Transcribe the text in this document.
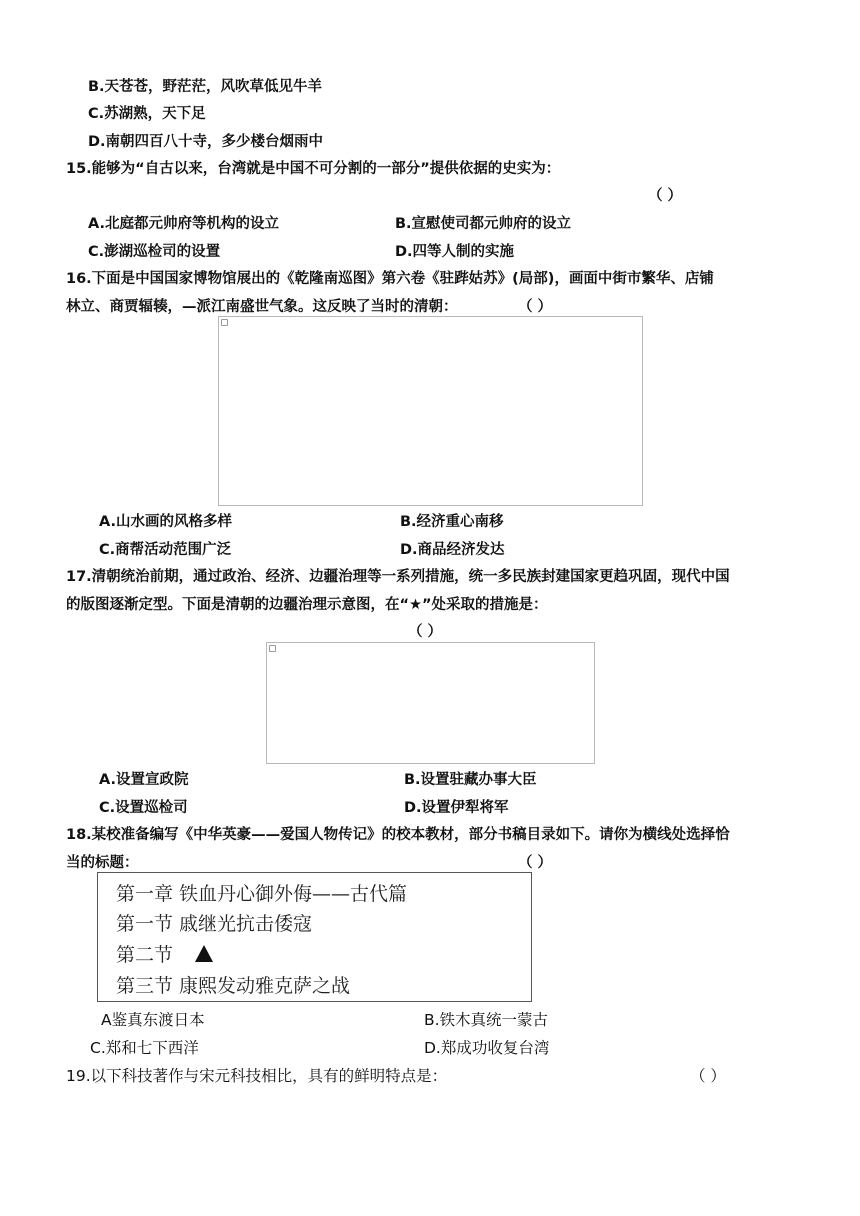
B.天苍苍，野茫茫，风吹草低见牛羊
C.苏湖熟，天下足
D.南朝四百八十寺，多少楼台烟雨中
15.能够为“自古以来，台湾就是中国不可分割的一部分”提供依据的史实为：
（ ）
A.北庭都元帅府等机构的设立	B.宣慰使司都元帅府的设立
C.澎湖巡检司的设置	D.四等人制的实施
16.下面是中国国家博物馆展出的《乾隆南巡图》第六卷《驻跸姑苏》(局部)，画面中街市繁华、店铺
林立、商贾辐辏，—派江南盛世气象。这反映了当时的清朝：	（ ）
A.山水画的风格多样	B.经济重心南移
C.商帮活动范围广泛	D.商品经济发达
17.清朝统治前期，通过政治、经济、边疆治理等一系列措施，统一多民族封建国家更趋巩固，现代中国
的版图逐渐定型。下面是清朝的边疆治理示意图，在“★”处采取的措施是：
（ ）
A.设置宣政院	B.设置驻藏办事大臣
C.设置巡检司	D.设置伊犁将军
18.某校准备编写《中华英豪——爱国人物传记》的校本教材，部分书稿目录如下。请你为横线处选择恰
当的标题：	（ ）
第一章 铁血丹心御外侮——古代篇
第一节 戚继光抗击倭寇
第二节
第三节 康熙发动雅克萨之战
A鉴真东渡日本	B.铁木真统一蒙古
C.郑和七下西洋	D.郑成功收复台湾
19.以下科技著作与宋元科技相比，具有的鲜明特点是：	（ ）
